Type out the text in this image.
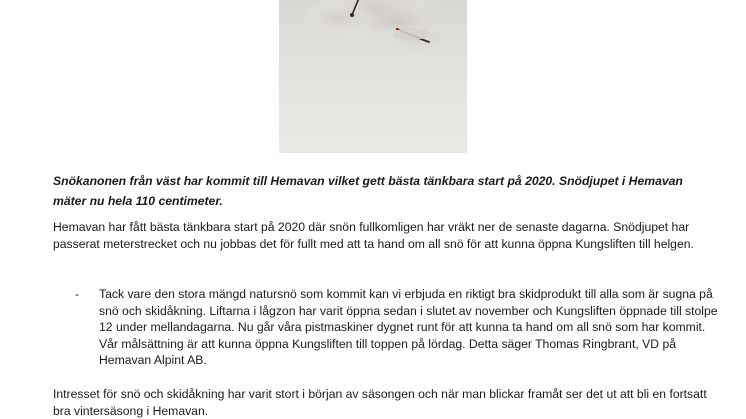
Snökanonen från väst har kommit till Hemavan vilket gett bästa tänkbara start på 2020. Snödjupet i Hemavan mäter nu hela 110 centimeter.

Hemavan har fått bästa tänkbara start på 2020 där snön fullkomligen har vräkt ner de senaste dagarna. Snödjupet har passerat meterstrecket och nu jobbas det för fullt med att ta hand om all snö för att kunna öppna Kungsliften till helgen.

- Tack vare den stora mängd natursnö som kommit kan vi erbjuda en riktigt bra skidprodukt till alla som är sugna på snö och skidåkning. Liftarna i lågzon har varit öppna sedan i slutet av november och Kungsliften öppnade till stolpe 12 under mellandagarna. Nu går våra pistmaskiner dygnet runt för att kunna ta hand om all snö som har kommit. Vår målsättning är att kunna öppna Kungsliften till toppen på lördag. Detta säger Thomas Ringbrant, VD på Hemavan Alpint AB.

Intresset för snö och skidåkning har varit stort i början av säsongen och när man blickar framåt ser det ut att bli en fortsatt bra vintersäsong i Hemavan.
